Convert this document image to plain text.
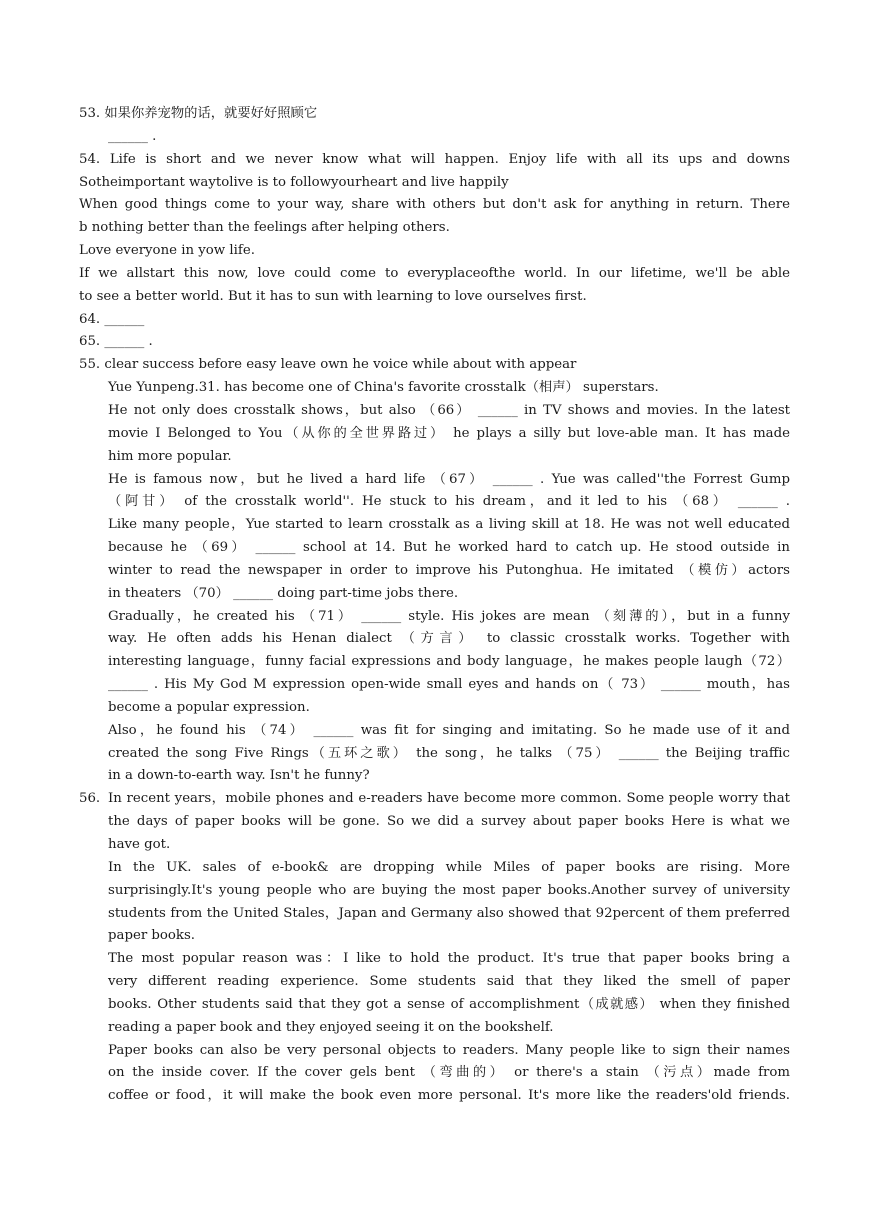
53. 如果你养宠物的话，就要好好照顾它
______ .
54. Life is short and we never know what will happen. Enjoy life with all its ups and downs
Sotheimportant waytolive is to followyourheart and live happily
When good things come to your way, share with others but don't ask for anything in return. There
b nothing better than the feelings after helping others.
Love everyone in yow life.
If we allstart this now, love could come to everyplaceofthe world. In our lifetime, we'll be able
to see a better world. But it has to sun with learning to love ourselves first.
64. ______
65. ______ .
55. clear success before easy leave own he voice while about with appear
Yue Yunpeng.31. has become one of China's favorite crosstalk（相声） superstars.
He not only does crosstalk shows，but also （66） ______ in TV shows and movies. In the latest
movie I Belonged to You（从你的全世界路过） he plays a silly but love-able man. It has made
him more popular.
He is famous now，but he lived a hard life （67） ______ . Yue was called''the Forrest Gump
（阿甘） of the crosstalk world''. He stuck to his dream，and it led to his （68） ______ .
Like many people，Yue started to learn crosstalk as a living skill at 18. He was not well educated
because he （69） ______ school at 14. But he worked hard to catch up. He stood outside in
winter to read the newspaper in order to improve his Putonghua. He imitated （模仿）actors
in theaters （70） ______ doing part-time jobs there.
Gradually，he created his （71） ______ style. His jokes are mean （刻薄的），but in a funny
way. He often adds his Henan dialect （方言） to classic crosstalk works. Together with
interesting language，funny facial expressions and body language，he makes people laugh（72）
______ . His My God M expression open-wide small eyes and hands on（ 73） ______ mouth，has
become a popular expression.
Also，he found his （74） ______ was fit for singing and imitating. So he made use of it and
created the song Five Rings（五环之歌） the song，he talks （75） ______ the Beijing traffic
in a down-to-earth way. Isn't he funny?
56. In recent years，mobile phones and e-readers have become more common. Some people worry that
the days of paper books will be gone. So we did a survey about paper books Here is what we
have got.
In the UK. sales of e-book& are dropping while Miles of paper books are rising. More
surprisingly.It's young people who are buying the most paper books.Another survey of university
students from the United Stales，Japan and Germany also showed that 92percent of them preferred
paper books.
The most popular reason was：I like to hold the product. It's true that paper books bring a
very different reading experience. Some students said that they liked the smell of paper
books. Other students said that they got a sense of accomplishment（成就感） when they finished
reading a paper book and they enjoyed seeing it on the bookshelf.
Paper books can also be very personal objects to readers. Many people like to sign their names
on the inside cover. If the cover gels bent （弯曲的） or there's a stain （污点）made from
coffee or food，it will make the book even more personal. It's more like the readers'old friends.
